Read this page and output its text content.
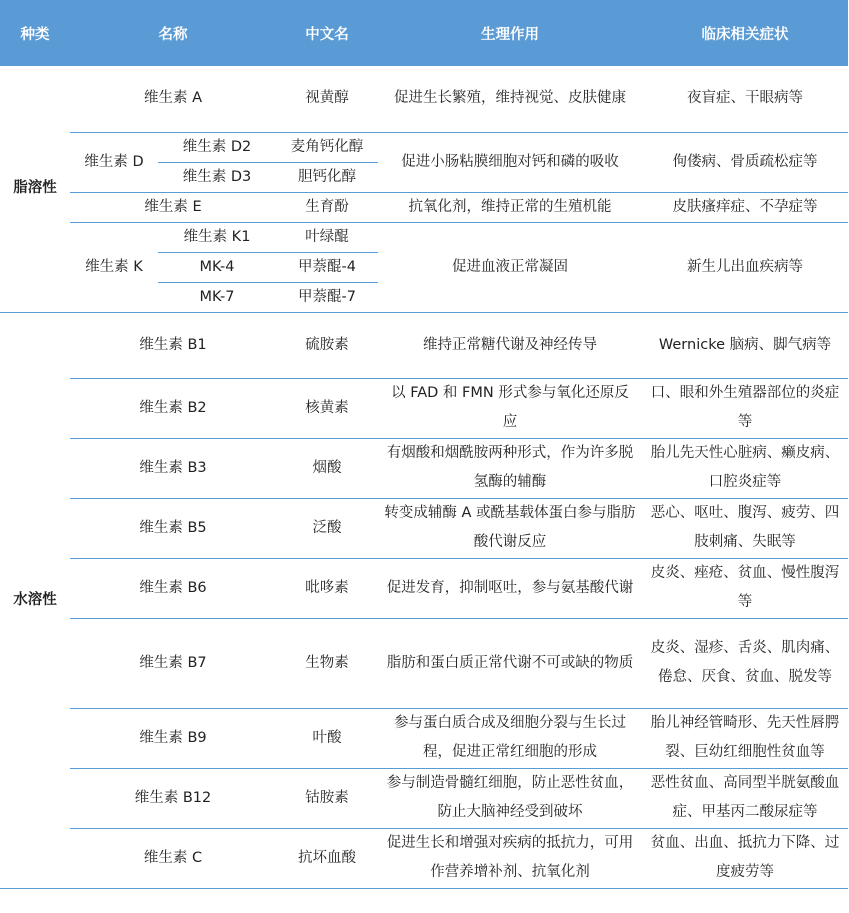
种类	名称		中文名	生理作用	临床相关症状
脂溶性	维生素 A		视黄醇	促进生长繁殖，维持视觉、皮肤健康	夜盲症、干眼病等
	维生素 D	维生素 D2	麦角钙化醇	促进小肠粘膜细胞对钙和磷的吸收	佝偻病、骨质疏松症等
		维生素 D3	胆钙化醇		
	维生素 E		生育酚	抗氧化剂，维持正常的生殖机能	皮肤瘙痒症、不孕症等
	维生素 K	维生素 K1	叶绿醌	促进血液正常凝固	新生儿出血疾病等
		MK-4	甲萘醌-4		
		MK-7	甲萘醌-7		

水溶性	维生素 B1		硫胺素	维持正常糖代谢及神经传导	Wernicke 脑病、脚气病等
	维生素 B2		核黄素	以 FAD 和 FMN 形式参与氧化还原反应	口、眼和外生殖器部位的炎症等
	维生素 B3		烟酸	有烟酸和烟酰胺两种形式，作为许多脱氢酶的辅酶	胎儿先天性心脏病、癞皮病、口腔炎症等
	维生素 B5		泛酸	转变成辅酶 A 或酰基载体蛋白参与脂肪酸代谢反应	恶心、呕吐、腹泻、疲劳、四肢刺痛、失眠等
	维生素 B6		吡哆素	促进发育，抑制呕吐，参与氨基酸代谢	皮炎、痤疮、贫血、慢性腹泻等
	维生素 B7		生物素	脂肪和蛋白质正常代谢不可或缺的物质	皮炎、湿疹、舌炎、肌肉痛、倦怠、厌食、贫血、脱发等
	维生素 B9		叶酸	参与蛋白质合成及细胞分裂与生长过程，促进正常红细胞的形成	胎儿神经管畸形、先天性唇腭裂、巨幼红细胞性贫血等
	维生素 B12		钴胺素	参与制造骨髓红细胞，防止恶性贫血，防止大脑神经受到破坏	恶性贫血、高同型半胱氨酸血症、甲基丙二酸尿症等
	维生素 C		抗坏血酸	促进生长和增强对疾病的抵抗力，可用作营养增补剂、抗氧化剂	贫血、出血、抵抗力下降、过度疲劳等
